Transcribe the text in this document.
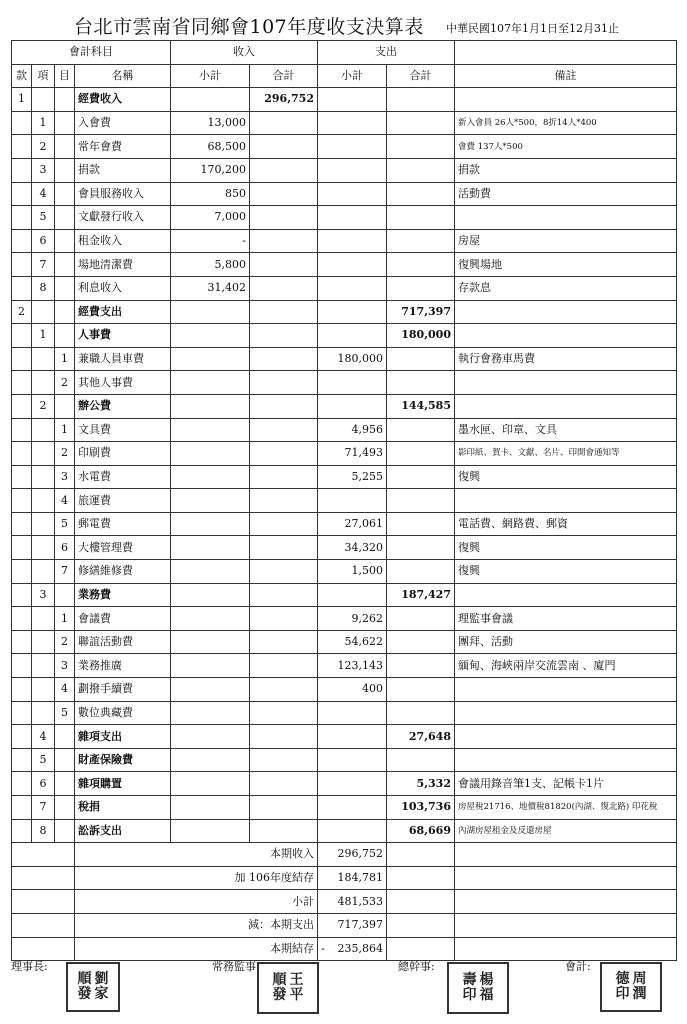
台北市雲南省同鄉會107年度收支決算表 中華民國107年1月1日至12月31止
會計科目				收入		支出			
款	項	目	名稱	小計	合計	小計	合計	備註	
1			經費收入		296,752				
	1		入會費	13,000				新入會員 26人*500，8折14人*400	
	2		常年會費	68,500				會費 137人*500	
	3		捐款	170,200				捐款	
	4		會員服務收入	850				活動費	
	5		文獻發行收入	7,000					
	6		租金收入	-				房屋	
	7		場地清潔費	5,800				復興場地	
	8		利息收入	31,402				存款息	
2			經費支出				717,397		
	1		人事費				180,000		
		1	兼職人員車費			180,000		執行會務車馬費	
		2	其他人事費						
	2		辦公費				144,585		
		1	文具費			4,956		墨水匣、印章、文具	
		2	印刷費			71,493		影印紙、賀卡、文獻、名片、印開會通知等	
		3	水電費			5,255		復興	
		4	旅運費						
		5	郵電費			27,061		電話費、網路費、郵資	
		6	大樓管理費			34,320		復興	
		7	修繕維修費			1,500		復興	
	3		業務費				187,427		
		1	會議費			9,262		理監事會議	
		2	聯誼活動費			54,622		團拜、活動	
		3	業務推廣			123,143		緬甸、海峽兩岸交流雲南 、廈門	
		4	劃撥手續費			400			
		5	數位典藏費						
	4		雜項支出				27,648		
	5		財產保險費						
	6		雜項購置				5,332	會議用錄音筆1支、記帳卡1片	
	7		稅捐				103,736	房屋稅21716、地價稅81820(內湖、復北路) 印花稅	
	8		訟訴支出				68,669	內湖房屋租金及反還房屋	
			本期收入			296,752			
			加 106年度結存			184,781			
			小計			481,533			
			減：本期支出			717,397			
			本期結存			- 235,864			
理事長:	常務監事	總幹事:	會計:
劉
家
順
發
王
平
順
發
楊
福
壽
印
周
潤
德
印
